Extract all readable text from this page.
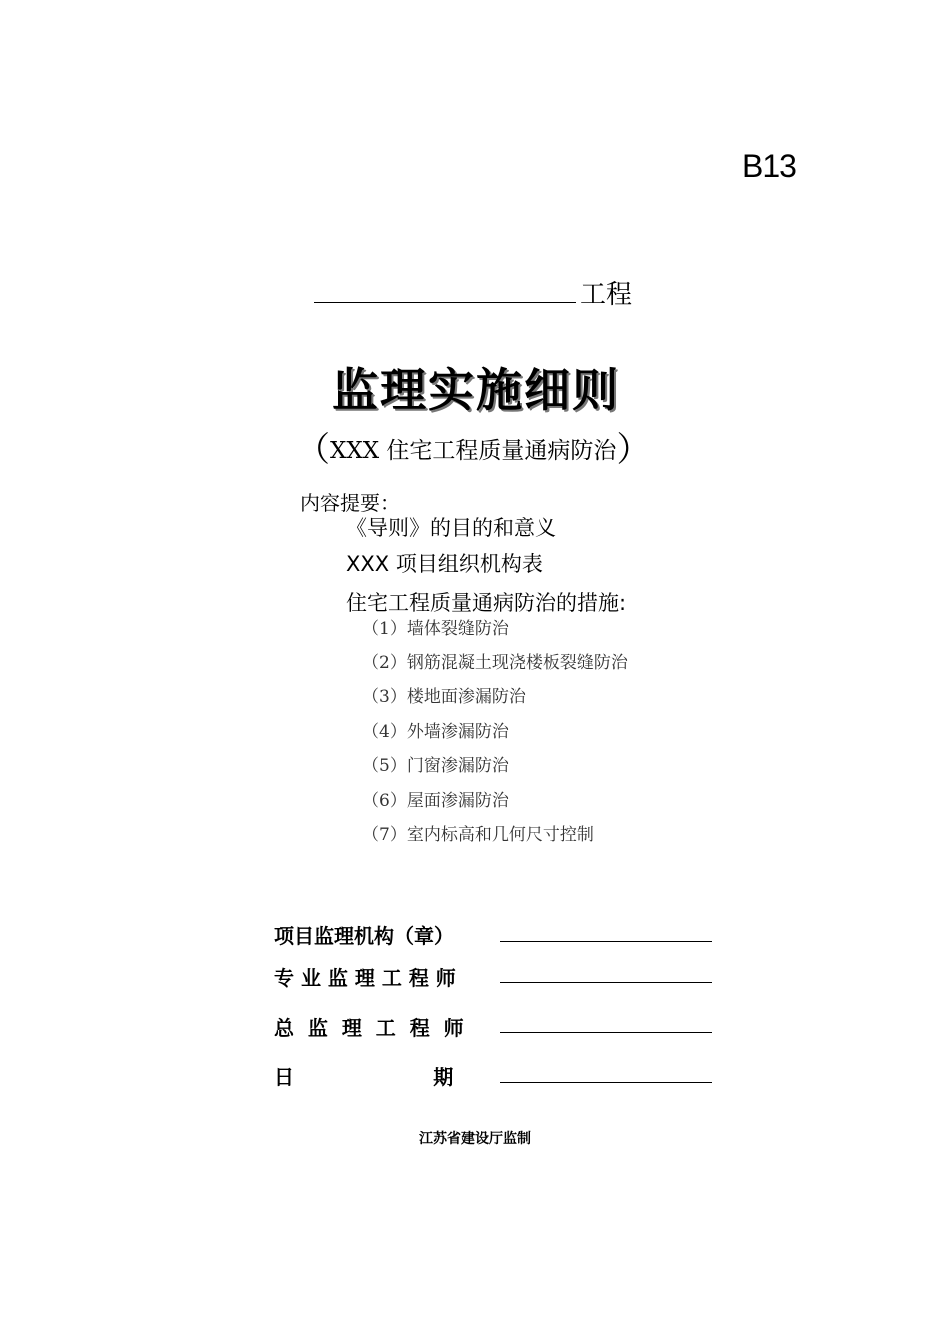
B13
工程
监理实施细则
（XXX 住宅工程质量通病防治）
内容提要：
《导则》的目的和意义
XXX 项目组织机构表
住宅工程质量通病防治的措施:
（1）墙体裂缝防治
（2）钢筋混凝土现浇楼板裂缝防治
（3）楼地面渗漏防治
（4）外墙渗漏防治
（5）门窗渗漏防治
（6）屋面渗漏防治
（7）室内标高和几何尺寸控制
项目监理机构（章）
专 业 监 理 工 程 师
总  监  理  工  程  师
日                    期
江苏省建设厅监制
